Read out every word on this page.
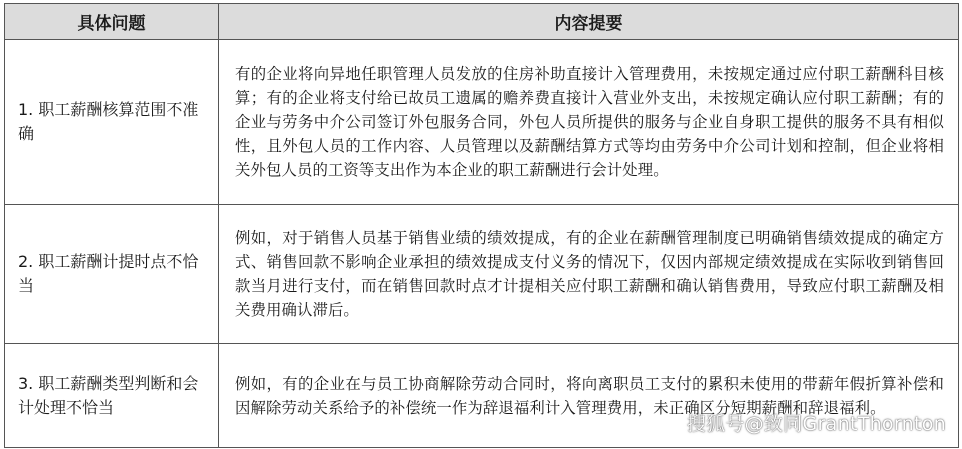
具体问题	内容提要
1. 职工薪酬核算范围不准确	有的企业将向异地任职管理人员发放的住房补助直接计入管理费用，未按规定通过应付职工薪酬科目核算；有的企业将支付给已故员工遗属的赡养费直接计入营业外支出，未按规定确认应付职工薪酬；有的企业与劳务中介公司签订外包服务合同，外包人员所提供的服务与企业自身职工提供的服务不具有相似性，且外包人员的工作内容、人员管理以及薪酬结算方式等均由劳务中介公司计划和控制，但企业将相关外包人员的工资等支出作为本企业的职工薪酬进行会计处理。
2. 职工薪酬计提时点不恰当	例如，对于销售人员基于销售业绩的绩效提成，有的企业在薪酬管理制度已明确销售绩效提成的确定方式、销售回款不影响企业承担的绩效提成支付义务的情况下，仅因内部规定绩效提成在实际收到销售回款当月进行支付，而在销售回款时点才计提相关应付职工薪酬和确认销售费用，导致应付职工薪酬及相关费用确认滞后。
3. 职工薪酬类型判断和会计处理不恰当	例如，有的企业在与员工协商解除劳动合同时，将向离职员工支付的累积未使用的带薪年假折算补偿和因解除劳动关系给予的补偿统一作为辞退福利计入管理费用，未正确区分短期薪酬和辞退福利。
搜狐号@致同GrantThornton
